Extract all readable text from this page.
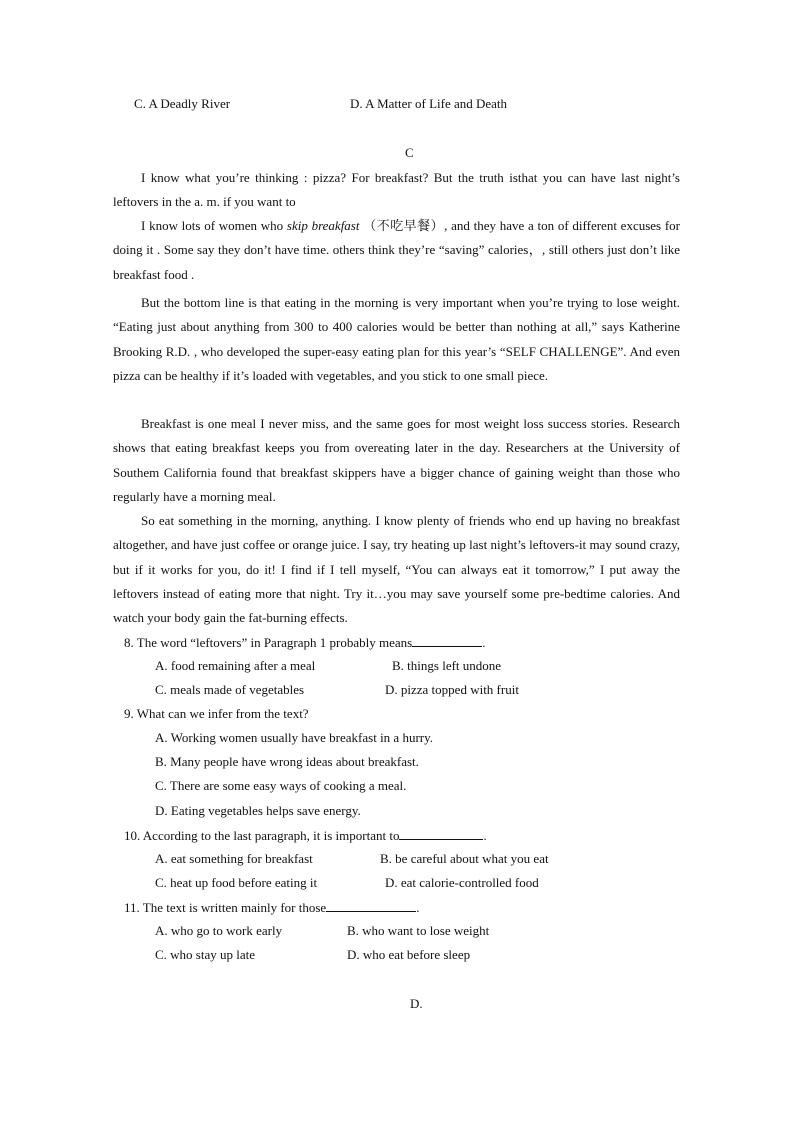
C. A Deadly River	D. A Matter of Life and Death
C
I know what you’re thinking : pizza? For breakfast? But the truth isthat you can have last night’s leftovers in the a. m. if you want to
I know lots of women who skip breakfast （不吃早餐）, and they have a ton of different excuses for doing it . Some say they don’t have time. others think they’re “saving” calories，, still others just don’t like breakfast food .
But the bottom line is that eating in the morning is very important when you’re trying to lose weight. “Eating just about anything from 300 to 400 calories would be better than nothing at all,” says Katherine Brooking R.D. , who developed the super-easy eating plan for this year’s “SELF CHALLENGE”. And even pizza can be healthy if it’s loaded with vegetables, and you stick to one small piece.
Breakfast is one meal I never miss, and the same goes for most weight loss success stories. Research shows that eating breakfast keeps you from overeating later in the day. Researchers at the University of Southem California found that breakfast skippers have a bigger chance of gaining weight than those who regularly have a morning meal.
So eat something in the morning, anything. I know plenty of friends who end up having no breakfast altogether, and have just coffee or orange juice. I say, try heating up last night’s leftovers-it may sound crazy, but if it works for you, do it! I find if I tell myself, “You can always eat it tomorrow,” I put away the leftovers instead of eating more that night. Try it…you may save yourself some pre-bedtime calories. And watch your body gain the fat-burning effects.
8. The word “leftovers” in Paragraph 1 probably means	.
A. food remaining after a meal	B. things left undone
C. meals made of vegetables	D. pizza topped with fruit
9. What can we infer from the text?
A. Working women usually have breakfast in a hurry.
B. Many people have wrong ideas about breakfast.
C. There are some easy ways of cooking a meal.
D. Eating vegetables helps save energy.
10. According to the last paragraph, it is important to	.
A. eat something for breakfast	B. be careful about what you eat
C. heat up food before eating it	D. eat calorie-controlled food
11. The text is written mainly for those	.
A. who go to work early	B. who want to lose weight
C. who stay up late	D. who eat before sleep
D.
